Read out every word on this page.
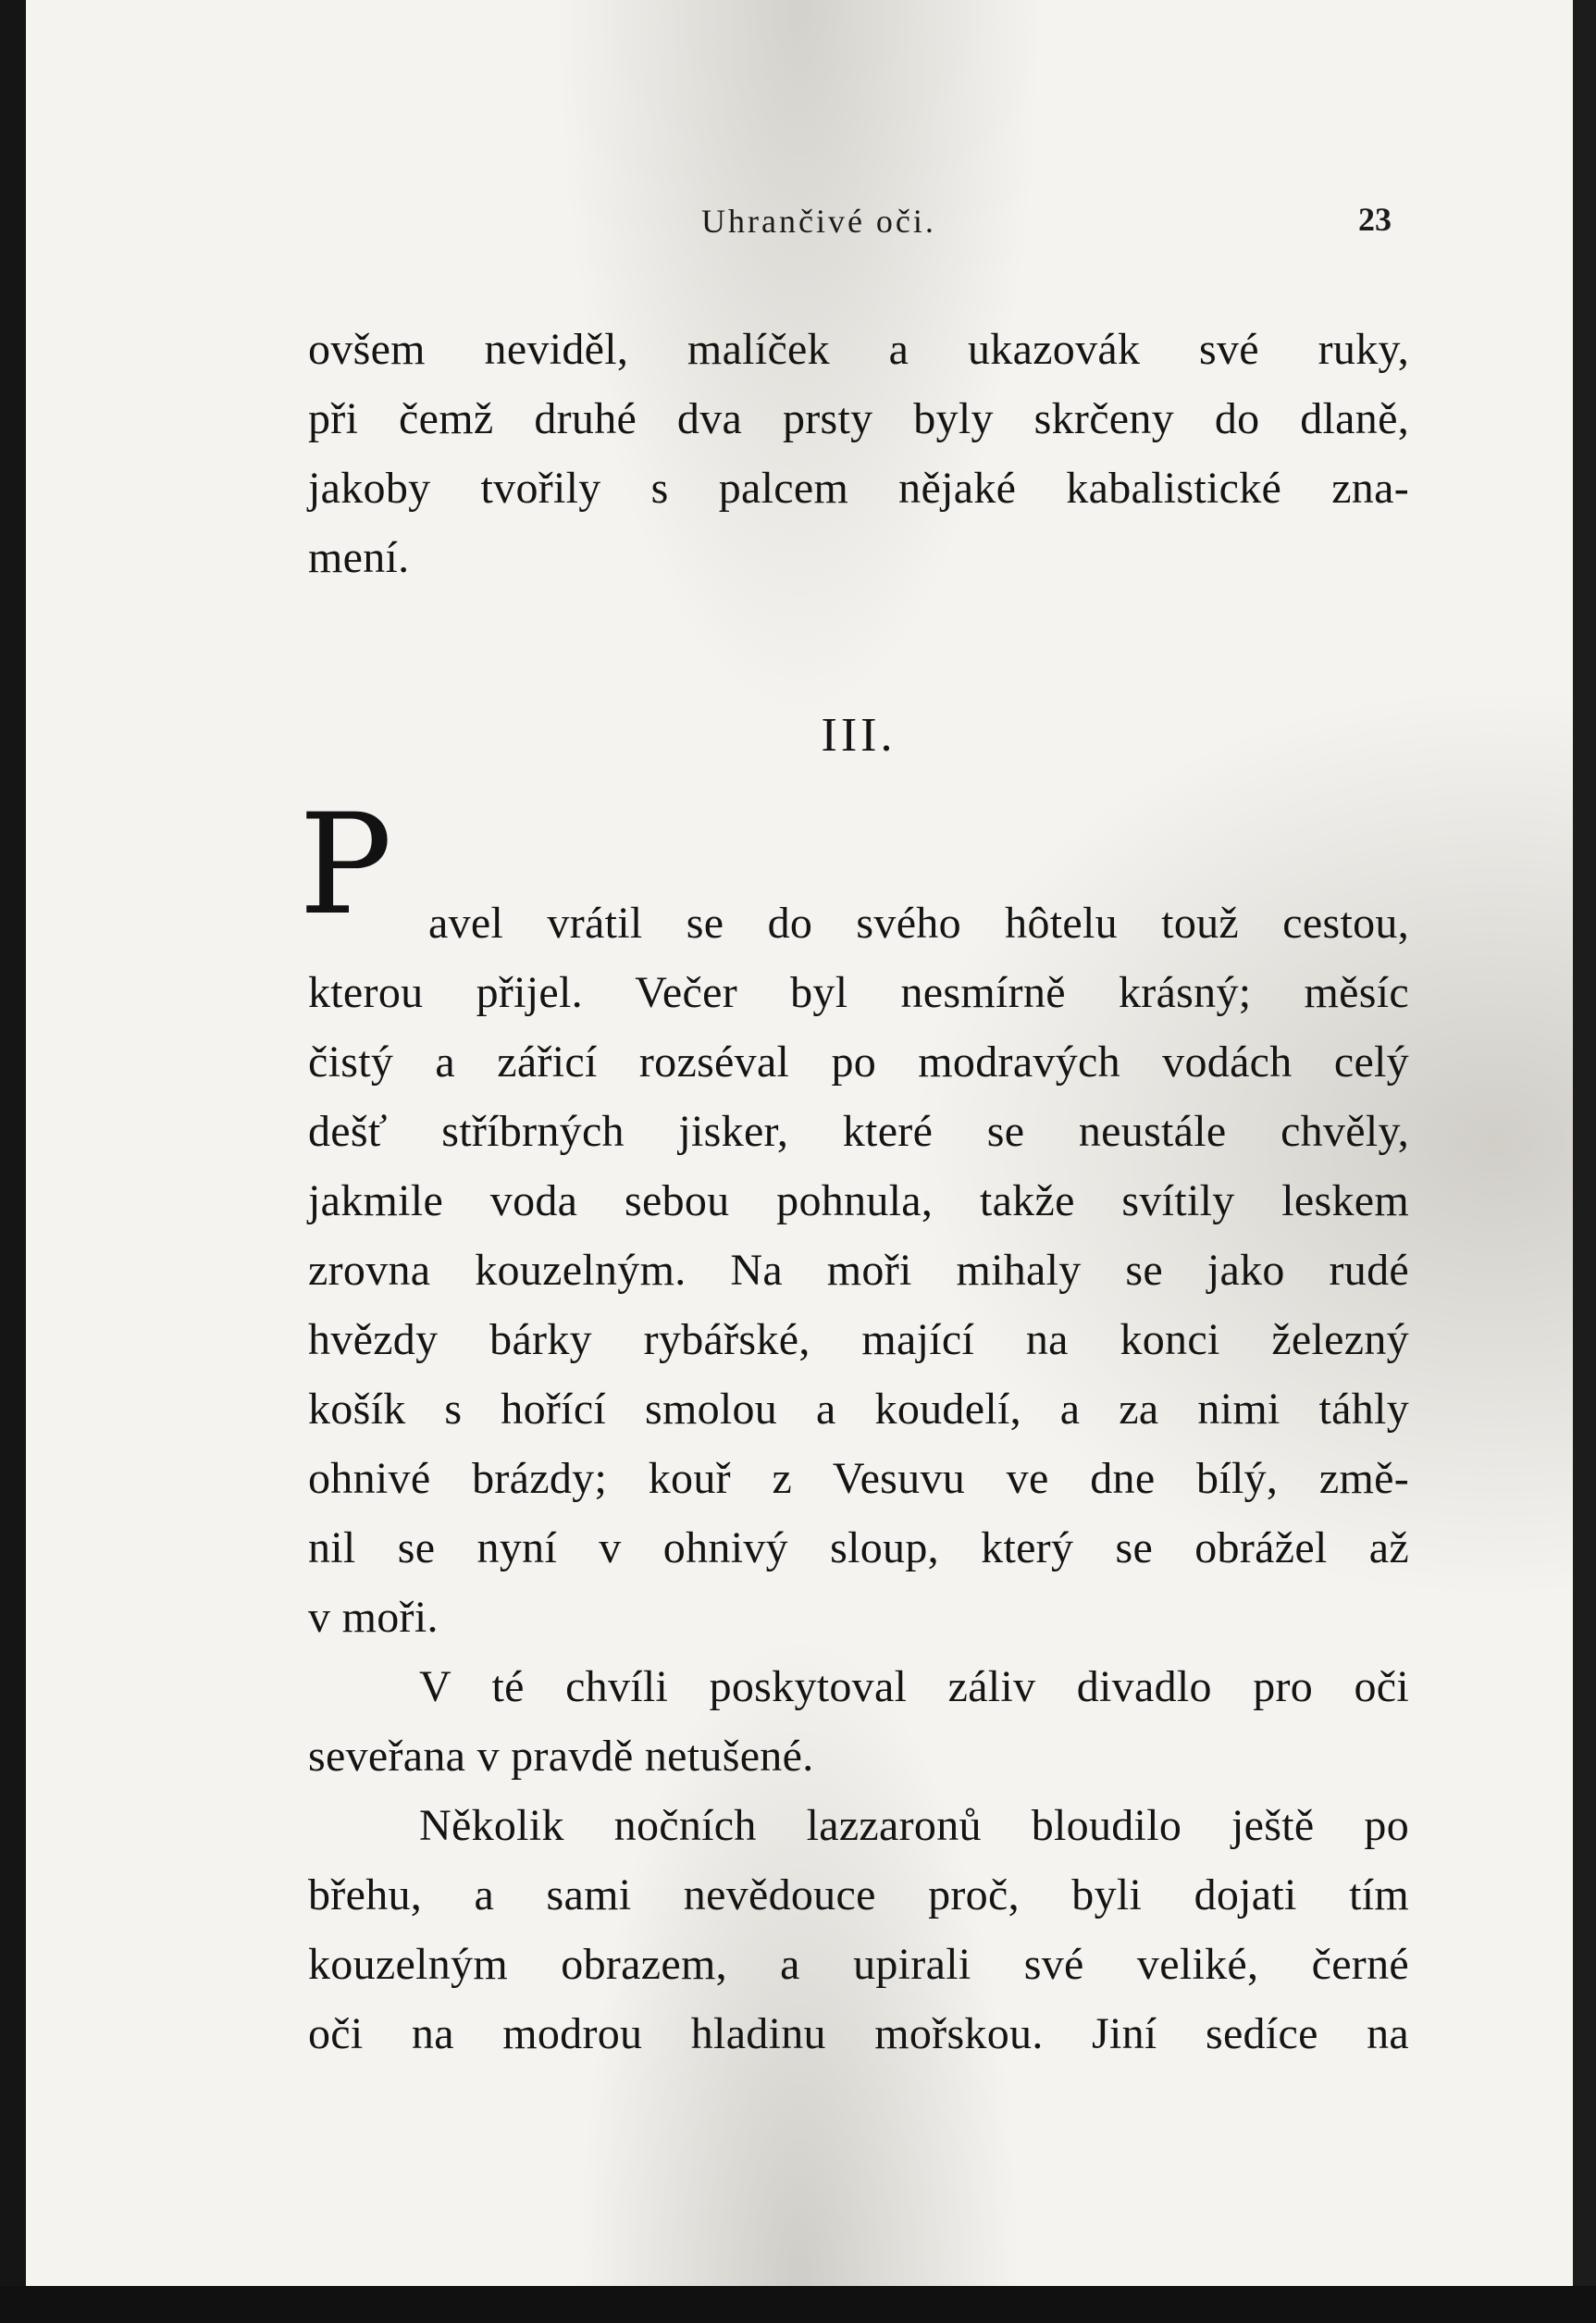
Uhrančivé oči.	23
ovšem neviděl, malíček a ukazovák své ruky,
při čemž druhé dva prsty byly skrčeny do dlaně,
jakoby tvořily s palcem nějaké kabalistické zna-
mení.
III.
P avel vrátil se do svého hôtelu touž cestou,
kterou přijel. Večer byl nesmírně krásný; měsíc
čistý a zářicí rozséval po modravých vodách celý
dešť stříbrných jisker, které se neustále chvěly,
jakmile voda sebou pohnula, takže svítily leskem
zrovna kouzelným. Na moři mihaly se jako rudé
hvězdy bárky rybářské, mající na konci železný
košík s hořící smolou a koudelí, a za nimi táhly
ohnivé brázdy; kouř z Vesuvu ve dne bílý, změ-
nil se nyní v ohnivý sloup, který se obrážel až
v moři.
V té chvíli poskytoval záliv divadlo pro oči
seveřana v pravdě netušené.
Několik nočních lazzaronů bloudilo ještě po
břehu, a sami nevědouce proč, byli dojati tím
kouzelným obrazem, a upirali své veliké, černé
oči na modrou hladinu mořskou. Jiní sedíce na
